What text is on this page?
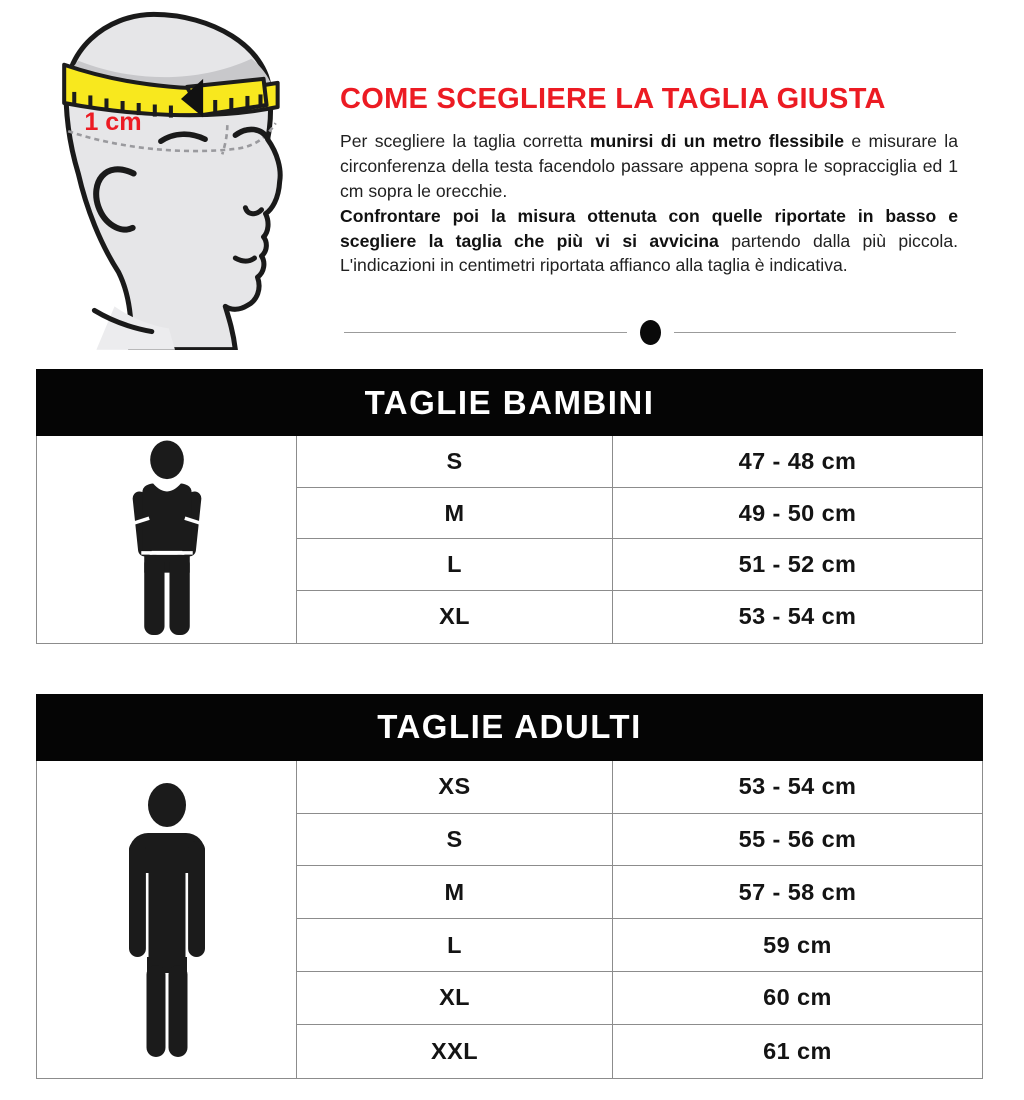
1 cm
COME SCEGLIERE LA TAGLIA GIUSTA

Per scegliere la taglia corretta munirsi di un metro flessibile e misurare la circonferenza della testa facendolo passare appena sopra le sopracciglia ed 1 cm sopra le orecchie.
Confrontare poi la misura ottenuta con quelle riportate in basso e scegliere la taglia che più vi si avvicina partendo dalla più piccola. L'indicazioni in centimetri riportata affianco alla taglia è indicativa.

TAGLIE BAMBINI
S	47 - 48 cm
M	49 - 50 cm
L	51 - 52 cm
XL	53 - 54 cm
TAGLIE ADULTI
XS	53 - 54 cm
S	55 - 56 cm
M	57 - 58 cm
L	59 cm
XL	60 cm
XXL	61 cm
